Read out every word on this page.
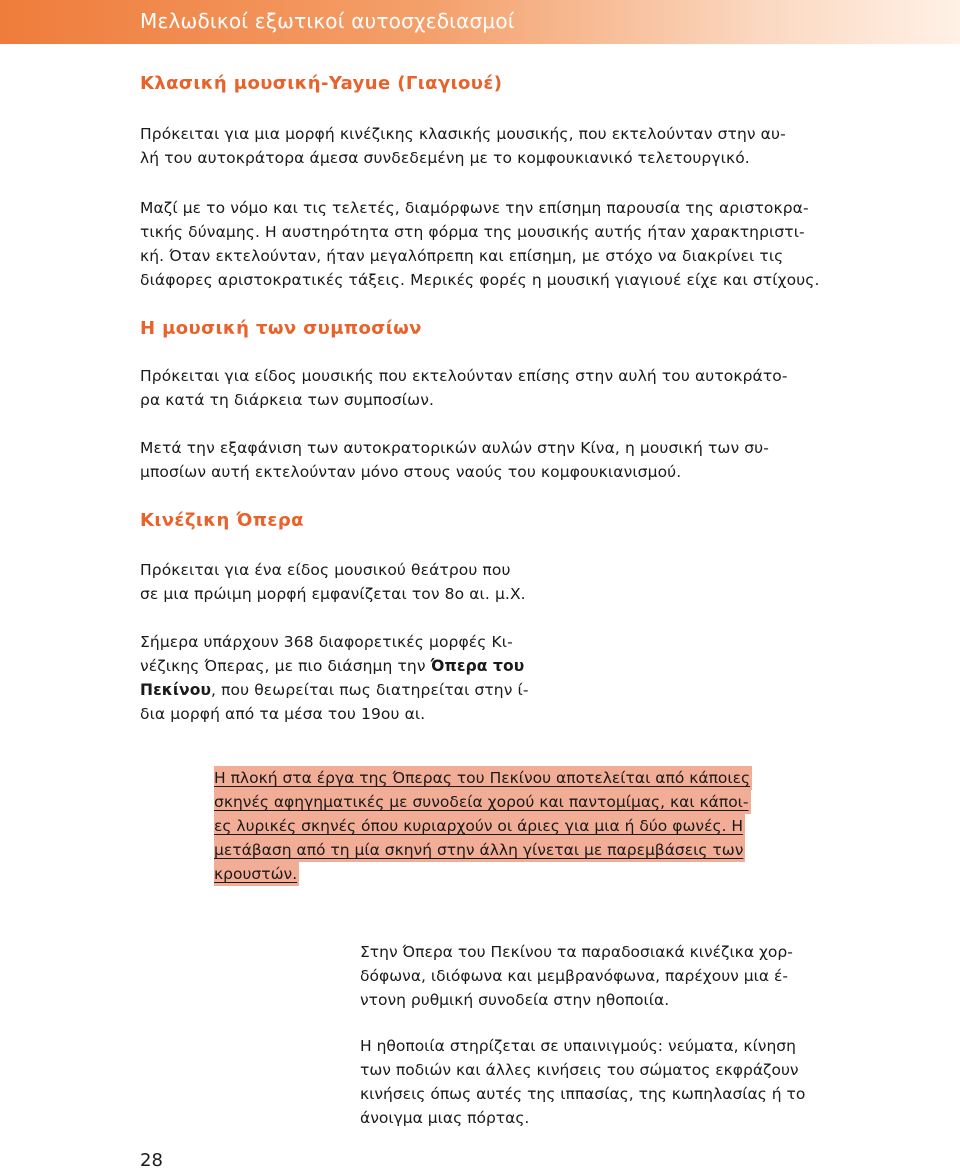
Μελωδικοί εξωτικοί αυτοσχεδιασμοί
Κλασική μουσική-Yayue (Γιαγιουέ)
Πρόκειται για μια μορφή κινέζικης κλασικής μουσικής, που εκτελούνταν στην αυ-
λή του αυτοκράτορα άμεσα συνδεδεμένη με το κομφουκιανικό τελετουργικό.
Μαζί με το νόμο και τις τελετές, διαμόρφωνε την επίσημη παρουσία της αριστοκρα-
τικής δύναμης. Η αυστηρότητα στη φόρμα της μουσικής αυτής ήταν χαρακτηριστι-
κή. Όταν εκτελούνταν, ήταν μεγαλόπρεπη και επίσημη, με στόχο να διακρίνει τις
διάφορες αριστοκρατικές τάξεις. Μερικές φορές η μουσική γιαγιουέ είχε και στίχους.
Η μουσική των συμποσίων
Πρόκειται για είδος μουσικής που εκτελούνταν επίσης στην αυλή του αυτοκράτο-
ρα κατά τη διάρκεια των συμποσίων.
Μετά την εξαφάνιση των αυτοκρατορικών αυλών στην Κίνα, η μουσική των συ-
μποσίων αυτή εκτελούνταν μόνο στους ναούς του κομφουκιανισμού.
Κινέζικη Όπερα
Πρόκειται για ένα είδος μουσικού θεάτρου που
σε μια πρώιμη μορφή εμφανίζεται τον 8ο αι. μ.Χ.
Σήμερα υπάρχουν 368 διαφορετικές μορφές Κι-
νέζικης Όπερας, με πιο διάσημη την Όπερα του
Πεκίνου, που θεωρείται πως διατηρείται στην ί-
δια μορφή από τα μέσα του 19ου αι.
Η πλοκή στα έργα της Όπερας του Πεκίνου αποτελείται από κάποιες
σκηνές αφηγηματικές με συνοδεία χορού και παντομίμας, και κάποι-
ες λυρικές σκηνές όπου κυριαρχούν οι άριες για μια ή δύο φωνές. Η
μετάβαση από τη μία σκηνή στην άλλη γίνεται με παρεμβάσεις των
κρουστών.
Στην Όπερα του Πεκίνου τα παραδοσιακά κινέζικα χορ-
δόφωνα, ιδιόφωνα και μεμβρανόφωνα, παρέχουν μια έ-
ντονη ρυθμική συνοδεία στην ηθοποιία.
Η ηθοποιία στηρίζεται σε υπαινιγμούς: νεύματα, κίνηση
των ποδιών και άλλες κινήσεις του σώματος εκφράζουν
κινήσεις όπως αυτές της ιππασίας, της κωπηλασίας ή το
άνοιγμα μιας πόρτας.
28
